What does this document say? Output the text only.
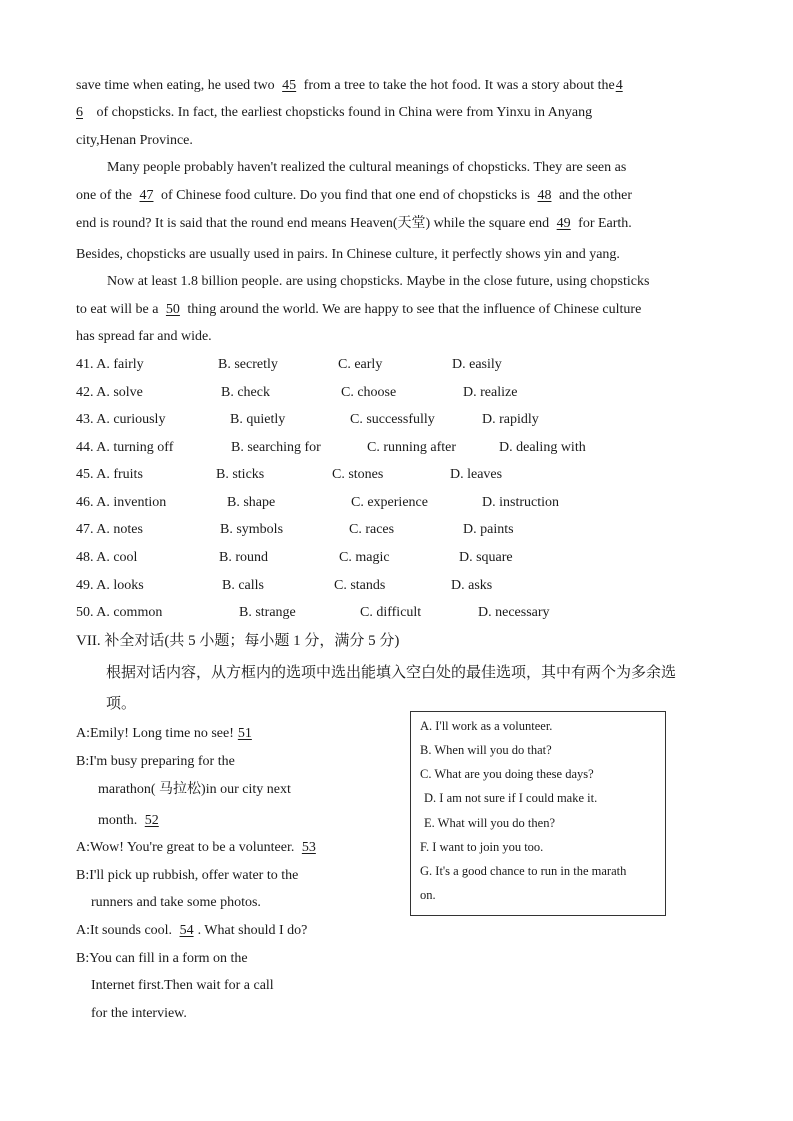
save time when eating, he used two 45 from a tree to take the hot food. It was a story about the4
6 of chopsticks. In fact, the earliest chopsticks found in China were from Yinxu in Anyang
city,Henan Province.
Many people probably haven't realized the cultural meanings of chopsticks. They are seen as
one of the 47 of Chinese food culture. Do you find that one end of chopsticks is 48 and the other
end is round? It is said that the round end means Heaven(天堂) while the square end 49 for Earth.
Besides, chopsticks are usually used in pairs. In Chinese culture, it perfectly shows yin and yang.
Now at least 1.8 billion people. are using chopsticks. Maybe in the close future, using chopsticks
to eat will be a 50 thing around the world. We are happy to see that the influence of Chinese culture
has spread far and wide.
41. A. fairly	B. secretly	C. early	D. easily
42. A. solve	B. check	C. choose	D. realize
43. A. curiously	B. quietly	C. successfully	D. rapidly
44. A. turning off	B. searching for	C. running after	D. dealing with
45. A. fruits	B. sticks	C. stones	D. leaves
46. A. invention	B. shape	C. experience	D. instruction
47. A. notes	B. symbols	C. races	D. paints
48. A. cool	B. round	C. magic	D. square
49. A. looks	B. calls	C. stands	D. asks
50. A. common	B. strange	C. difficult	D. necessary
VII. 补全对话(共 5 小题；每小题 1 分，满分 5 分)
根据对话内容，从方框内的选项中选出能填入空白处的最佳选项，其中有两个为多余选
项。
A:Emily! Long time no see! 51
B:I'm busy preparing for the
marathon( 马拉松)in our city next
month. 52
A:Wow! You're great to be a volunteer. 53
B:I'll pick up rubbish, offer water to the
runners and take some photos.
A:It sounds cool. 54 . What should I do?
B:You can fill in a form on the
Internet first.Then wait for a call
for the interview.
A. I'll work as a volunteer.
B. When will you do that?
C. What are you doing these days?
D. I am not sure if I could make it.
E. What will you do then?
F. I want to join you too.
G. It's a good chance to run in the marath
on.
